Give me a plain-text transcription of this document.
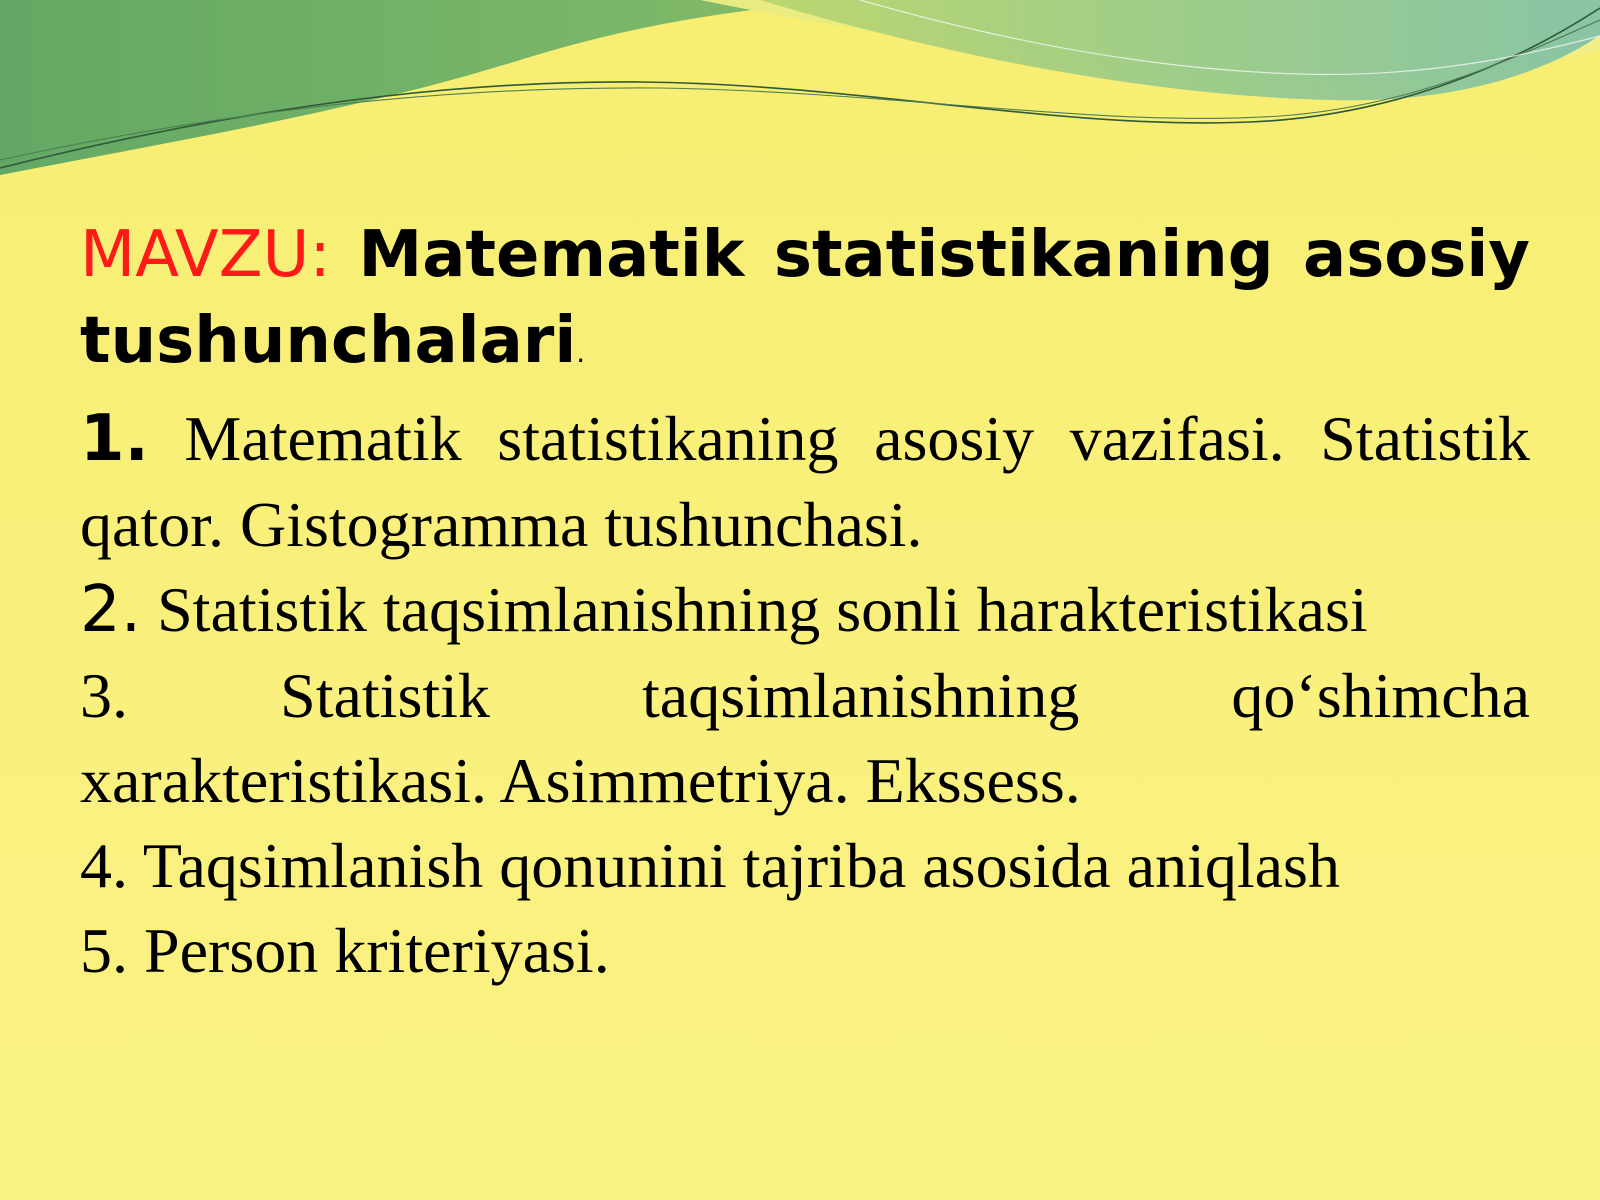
MAVZU: Matematik statistikaning asosiy tushunchalari.
1. Matematik statistikaning asosiy vazifasi. Statistik qator. Gistogramma tushunchasi.
2. Statistik taqsimlanishning sonli harakteristikasi
3. Statistik taqsimlanishning qo‘shimcha xarakteristikasi. Asimmetriya. Ekssess.
4. Taqsimlanish qonunini tajriba asosida aniqlash
5. Person kriteriyasi.
